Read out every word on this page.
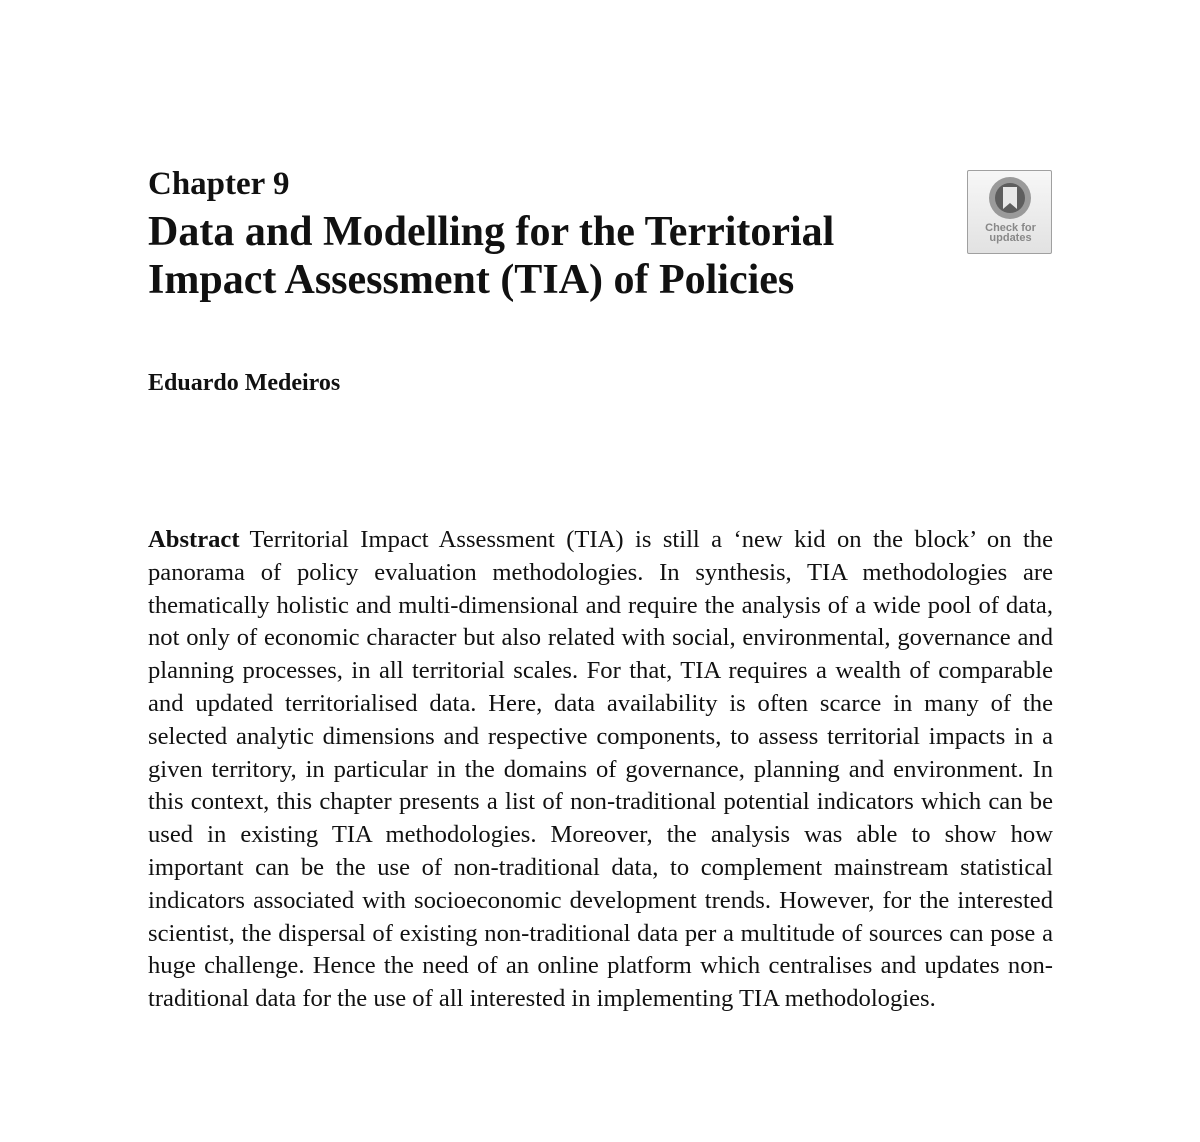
Chapter 9
Data and Modelling for the Territorial Impact Assessment (TIA) of Policies
Check for
updates

Eduardo Medeiros

Abstract Territorial Impact Assessment (TIA) is still a ‘new kid on the block’ on the panorama of policy evaluation methodologies. In synthesis, TIA methodologies are thematically holistic and multi-dimensional and require the analysis of a wide pool of data, not only of economic character but also related with social, environmental, governance and planning processes, in all territorial scales. For that, TIA requires a wealth of comparable and updated territorialised data. Here, data availability is often scarce in many of the selected analytic dimensions and respective components, to assess territorial impacts in a given territory, in particular in the domains of governance, planning and environment. In this context, this chapter presents a list of non-traditional potential indicators which can be used in existing TIA methodologies. Moreover, the analysis was able to show how important can be the use of non-traditional data, to complement mainstream statistical indicators associated with socioeconomic development trends. However, for the interested scientist, the dispersal of existing non-traditional data per a multitude of sources can pose a huge challenge. Hence the need of an online platform which centralises and updates non-traditional data for the use of all interested in implementing TIA methodologies.
